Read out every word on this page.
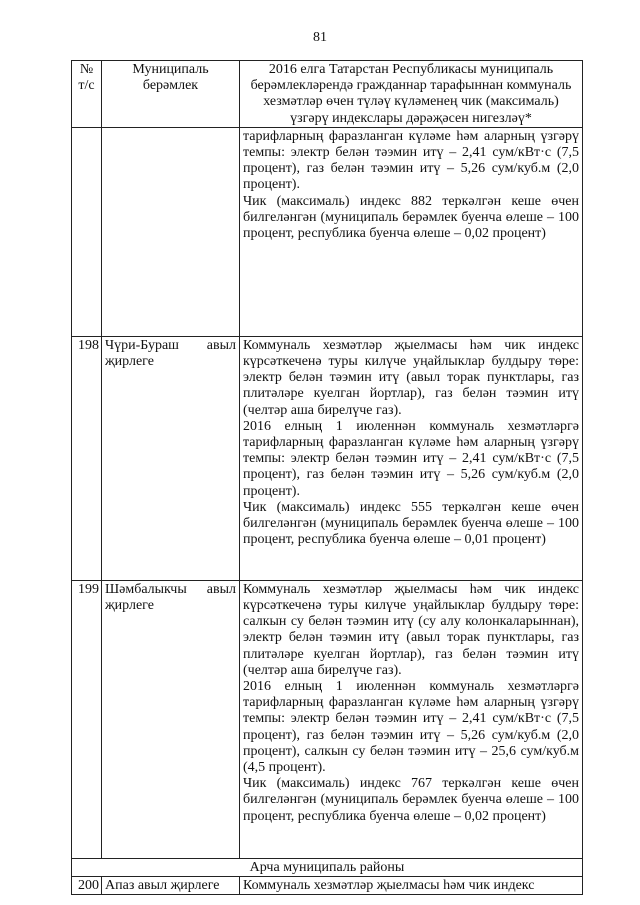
81
№ т/с	Муниципаль берәмлек	2016 елга Татарстан Республикасы муниципаль берәмлекләрендә гражданнар тарафыннан коммуналь хезмәтләр өчен түләү күләменең чик (максималь) үзгәрү индекслары дәрәҗәсен нигезләү*

		тарифларның фаразланган күләме һәм аларның үзгәрү темпы: электр белән тәэмин итү – 2,41 сум/кВт·с (7,5 процент), газ белән тәэмин итү – 5,26 сум/куб.м (2,0 процент).
Чик (максималь) индекс 882 теркәлгән кеше өчен билгеләнгән (муниципаль берәмлек буенча өлеше – 100 процент, республика буенча өлеше – 0,02 процент)

198	Чүри-Бураш авыл җирлеге	Коммуналь хезмәтләр җыелмасы һәм чик индекс күрсәткеченә туры килүче уңайлыклар булдыру төре: электр белән тәэмин итү (авыл торак пунктлары, газ плитәләре куелган йортлар), газ белән тәэмин итү (челтәр аша бирелүче газ).
2016 елның 1 июленнән коммуналь хезмәтләргә тарифларның фаразланган күләме һәм аларның үзгәрү темпы: электр белән тәэмин итү – 2,41 сум/кВт·с (7,5 процент), газ белән тәэмин итү – 5,26 сум/куб.м (2,0 процент).
Чик (максималь) индекс 555 теркәлгән кеше өчен билгеләнгән (муниципаль берәмлек буенча өлеше – 100 процент, республика буенча өлеше – 0,01 процент)

199	Шәмбалыкчы авыл җирлеге	Коммуналь хезмәтләр җыелмасы һәм чик индекс күрсәткеченә туры килүче уңайлыклар булдыру төре: салкын су белән тәэмин итү (су алу колонкаларыннан), электр белән тәэмин итү (авыл торак пунктлары, газ плитәләре куелган йортлар), газ белән тәэмин итү (челтәр аша бирелүче газ).
2016 елның 1 июленнән коммуналь хезмәтләргә тарифларның фаразланган күләме һәм аларның үзгәрү темпы: электр белән тәэмин итү – 2,41 сум/кВт·с (7,5 процент), газ белән тәэмин итү – 5,26 сум/куб.м (2,0 процент), салкын су белән тәэмин итү – 25,6 сум/куб.м (4,5 процент).
Чик (максималь) индекс 767 теркәлгән кеше өчен билгеләнгән (муниципаль берәмлек буенча өлеше – 100 процент, республика буенча өлеше – 0,02 процент)

Арча муниципаль районы		
200	Апаз авыл җирлеге	Коммуналь хезмәтләр җыелмасы һәм чик индекс
